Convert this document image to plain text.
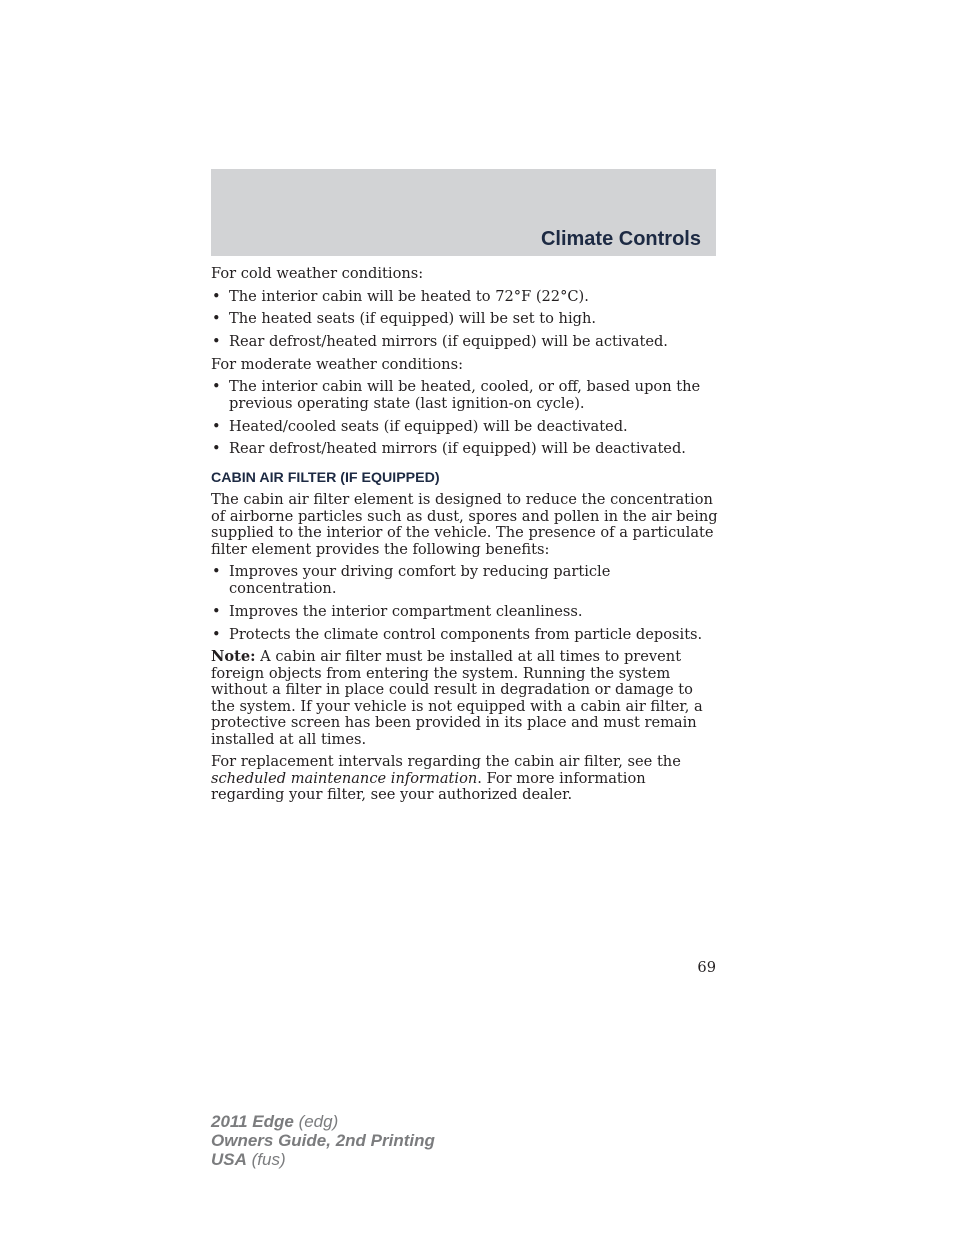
Climate Controls

For cold weather conditions:

• The interior cabin will be heated to 72°F (22°C).
• The heated seats (if equipped) will be set to high.
• Rear defrost/heated mirrors (if equipped) will be activated.

For moderate weather conditions:

• The interior cabin will be heated, cooled, or off, based upon the previous operating state (last ignition-on cycle).
• Heated/cooled seats (if equipped) will be deactivated.
• Rear defrost/heated mirrors (if equipped) will be deactivated.
CABIN AIR FILTER (IF EQUIPPED)

The cabin air filter element is designed to reduce the concentration of airborne particles such as dust, spores and pollen in the air being supplied to the interior of the vehicle. The presence of a particulate filter element provides the following benefits:

• Improves your driving comfort by reducing particle concentration.
• Improves the interior compartment cleanliness.
• Protects the climate control components from particle deposits.

Note: A cabin air filter must be installed at all times to prevent foreign objects from entering the system. Running the system without a filter in place could result in degradation or damage to the system. If your vehicle is not equipped with a cabin air filter, a protective screen has been provided in its place and must remain installed at all times.

For replacement intervals regarding the cabin air filter, see the scheduled maintenance information. For more information regarding your filter, see your authorized dealer.

69
2011 Edge (edg)
Owners Guide, 2nd Printing
USA (fus)
